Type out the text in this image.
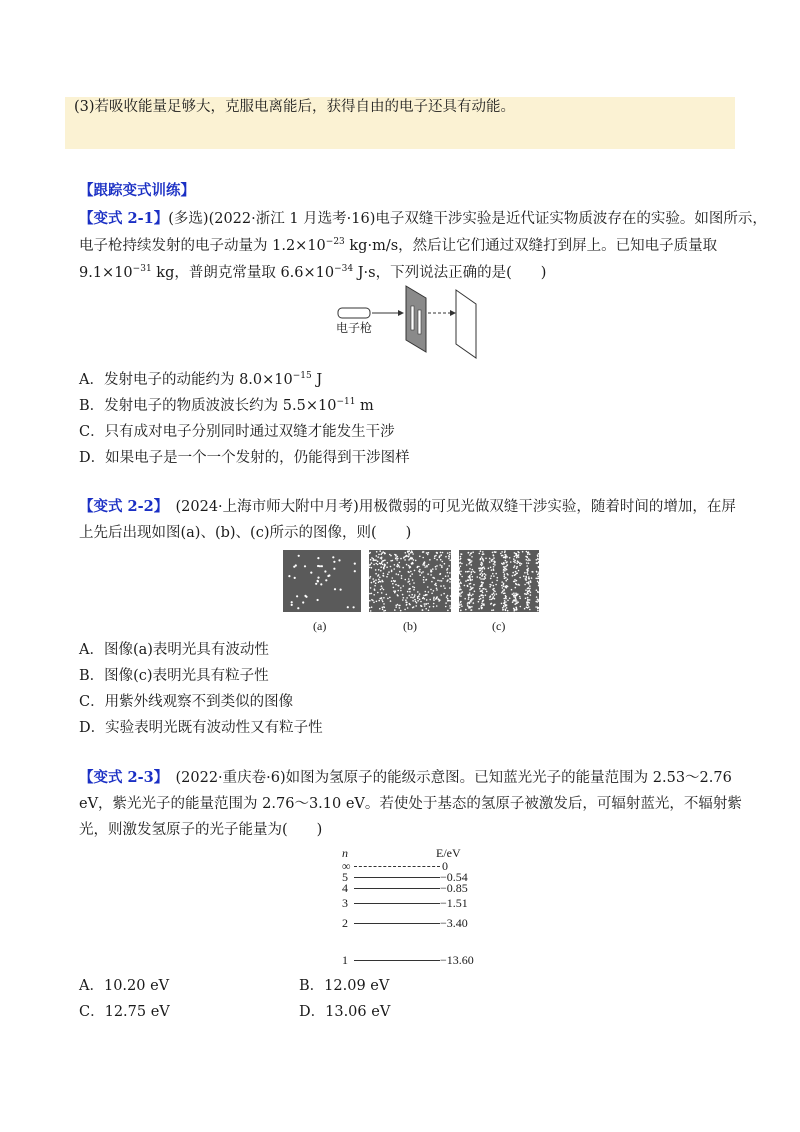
(3)若吸收能量足够大，克服电离能后，获得自由的电子还具有动能。
【跟踪变式训练】
【变式 2-1】(多选)(2022·浙江 1 月选考·16)电子双缝干涉实验是近代证实物质波存在的实验。如图所示，
电子枪持续发射的电子动量为 $1.2\times 10^{-23}$ kg·m/s，然后让它们通过双缝打到屏上。已知电子质量取
$9.1\times 10^{-31}$ kg，普朗克常量取 $6.6\times 10^{-34}$ J·s，下列说法正确的是(　　)
电子枪
A．发射电子的动能约为 $8.0\times 10^{-15}$ J
B．发射电子的物质波波长约为 $5.5\times 10^{-11}$ m
C．只有成对电子分别同时通过双缝才能发生干涉
D．如果电子是一个一个发射的，仍能得到干涉图样
【变式 2-2】　(2024·上海市师大附中月考)用极微弱的可见光做双缝干涉实验，随着时间的增加，在屏
上先后出现如图(a)、(b)、(c)所示的图像，则(　　)
(a)	(b)	(c)
A．图像(a)表明光具有波动性
B．图像(c)表明光具有粒子性
C．用紫外线观察不到类似的图像
D．实验表明光既有波动性又有粒子性
【变式 2-3】　(2022·重庆卷·6)如图为氢原子的能级示意图。已知蓝光光子的能量范围为 2.53～2.76
eV，紫光光子的能量范围为 2.76～3.10 eV。若使处于基态的氢原子被激发后，可辐射蓝光，不辐射紫
光，则激发氢原子的光子能量为(　　)
n	E/eV
∞	0
5	−0.54
4	−0.85
3	−1.51
2	−3.40
1	−13.60
A．10.20 eV	B．12.09 eV
C．12.75 eV	D．13.06 eV
